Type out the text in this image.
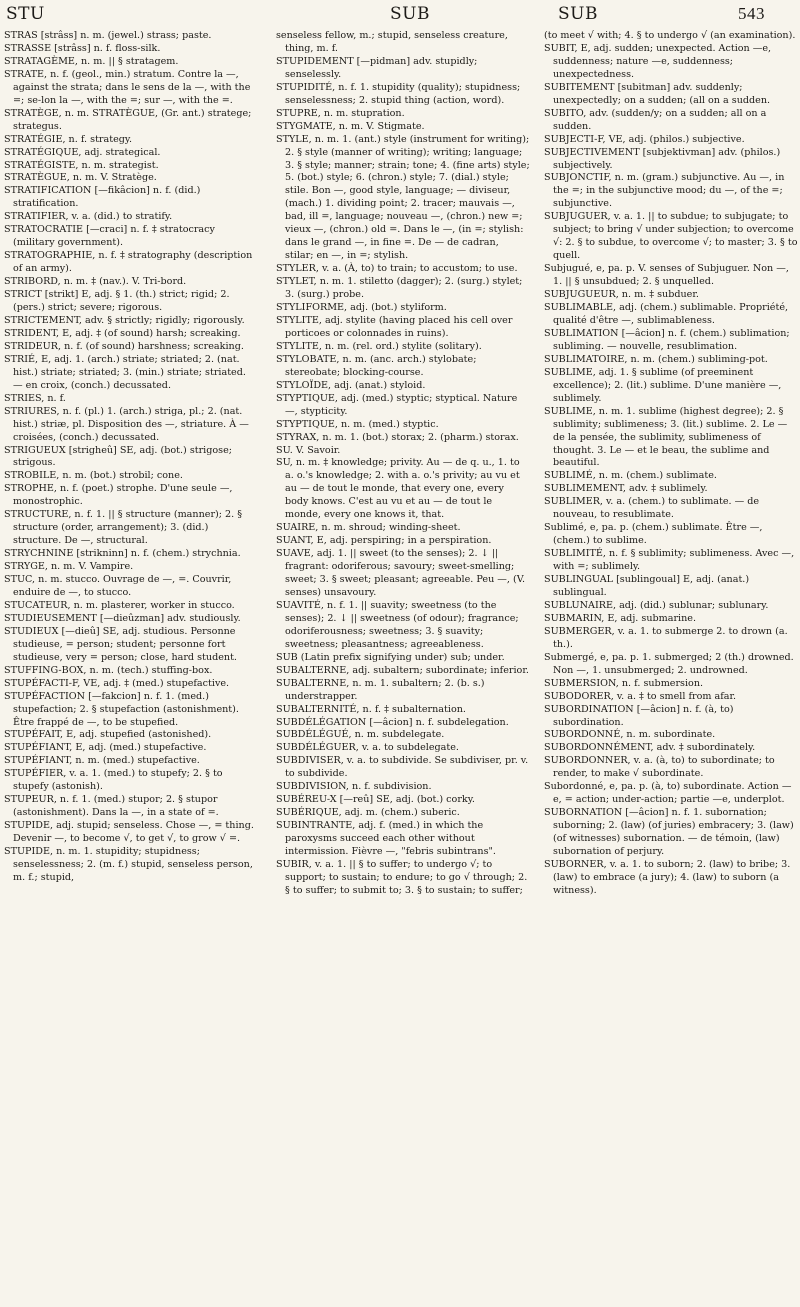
STU	SUB	SUB	543

STRAS [strâss] n. m. (jewel.) strass; paste.

STRASSE [strâss] n. f. floss-silk.

STRATAGÈME, n. m. || § stratagem.

STRATE, n. f. (geol., min.) stratum. Contre la —, against the strata; dans le sens de la —, with the =; se-lon la —, with the =; sur —, with the =.

STRATÈGE, n. m. STRATÈGUE, (Gr. ant.) stratege; strategus.

STRATÉGIE, n. f. strategy.

STRATÉGIQUE, adj. strategical.

STRATÉGISTE, n. m. strategist.

STRATÈGUE, n. m. V. Stratège.

STRATIFICATION [—fikâcion] n. f. (did.) stratification.

STRATIFIER, v. a. (did.) to stratify.

STRATOCRATIE [—craci] n. f. ‡ stratocracy (military government).

STRATOGRAPHIE, n. f. ‡ stratography (description of an army).

STRIBORD, n. m. ‡ (nav.). V. Tri-bord.

STRICT [strikt] E, adj. § 1. (th.) strict; rigid; 2. (pers.) strict; severe; rigorous.

STRICTEMENT, adv. § strictly; rigidly; rigorously.

STRIDENT, E, adj. ‡ (of sound) harsh; screaking.

STRIDEUR, n. f. (of sound) harshness; screaking.

STRIÉ, E, adj. 1. (arch.) striate; striated; 2. (nat. hist.) striate; striated; 3. (min.) striate; striated. — en croix, (conch.) decussated.

STRIES, n. f.

STRIURES, n. f. (pl.) 1. (arch.) striga, pl.; 2. (nat. hist.) striæ, pl. Disposition des —, striature. À — croisées, (conch.) decussated.

STRIGUEUX [strigheû] SE, adj. (bot.) strigose; strigous.

STROBILE, n. m. (bot.) strobil; cone.

STROPHE, n. f. (poet.) strophe. D'une seule —, monostrophic.

STRUCTURE, n. f. 1. || § structure (manner); 2. § structure (order, arrangement); 3. (did.) structure. De —, structural.

STRYCHNINE [strikninn] n. f. (chem.) strychnia.

STRYGE, n. m. V. Vampire.

STUC, n. m. stucco. Ouvrage de —, =. Couvrir, enduire de —, to stucco.

STUCATEUR, n. m. plasterer, worker in stucco.

STUDIEUSEMENT [—dieûzman] adv. studiously.

STUDIEUX [—dieû] SE, adj. studious. Personne studieuse, = person; student; personne fort studieuse, very = person; close, hard student.

STUFFING-BOX, n. m. (tech.) stuffing-box.

STUPÉFACTI-F, VE, adj. ‡ (med.) stupefactive.

STUPÉFACTION [—fakcion] n. f. 1. (med.) stupefaction; 2. § stupefaction (astonishment). Être frappé de —, to be stupefied.

STUPÉFAIT, E, adj. stupefied (astonished).

STUPÉFIANT, E, adj. (med.) stupefactive.

STUPÉFIANT, n. m. (med.) stupefactive.

STUPÉFIER, v. a. 1. (med.) to stupefy; 2. § to stupefy (astonish).

STUPEUR, n. f. 1. (med.) stupor; 2. § stupor (astonishment). Dans la —, in a state of =.

STUPIDE, adj. stupid; senseless. Chose —, = thing. Devenir —, to become √, to get √, to grow √ =.

STUPIDE, n. m. 1. stupidity; stupidness; senselessness; 2. (m. f.) stupid, senseless person, m. f.; stupid,

senseless fellow, m.; stupid, senseless creature, thing, m. f.

STUPIDEMENT [—pidman] adv. stupidly; senselessly.

STUPIDITÉ, n. f. 1. stupidity (quality); stupidness; senselessness; 2. stupid thing (action, word).

STUPRE, n. m. stupration.

STYGMATE, n. m. V. Stigmate.

STYLE, n. m. 1. (ant.) style (instrument for writing); 2. § style (manner of writing); writing; language; 3. § style; manner; strain; tone; 4. (fine arts) style; 5. (bot.) style; 6. (chron.) style; 7. (dial.) style; stile. Bon —, good style, language; — diviseur, (mach.) 1. dividing point; 2. tracer; mauvais —, bad, ill =, language; nouveau —, (chron.) new =; vieux —, (chron.) old =. Dans le —, (in =; stylish: dans le grand —, in fine =. De — de cadran, stilar; en —, in =; stylish.

STYLER, v. a. (À, to) to train; to accustom; to use.

STYLET, n. m. 1. stiletto (dagger); 2. (surg.) stylet; 3. (surg.) probe.

STYLIFORME, adj. (bot.) styliform.

STYLITE, adj. stylite (having placed his cell over porticoes or colonnades in ruins).

STYLITE, n. m. (rel. ord.) stylite (solitary).

STYLOBATE, n. m. (anc. arch.) stylobate; stereobate; blocking-course.

STYLOÏDE, adj. (anat.) styloid.

STYPTIQUE, adj. (med.) styptic; styptical. Nature —, stypticity.

STYPTIQUE, n. m. (med.) styptic.

STYRAX, n. m. 1. (bot.) storax; 2. (pharm.) storax.

SU. V. Savoir.

SU, n. m. ‡ knowledge; privity. Au — de q. u., 1. to a. o.'s knowledge; 2. with a. o.'s privity; au vu et au — de tout le monde, that every one, every body knows. C'est au vu et au — de tout le monde, every one knows it, that.

SUAIRE, n. m. shroud; winding-sheet.

SUANT, E, adj. perspiring; in a perspiration.

SUAVE, adj. 1. || sweet (to the senses); 2. ↓ || fragrant: odoriferous; savoury; sweet-smelling; sweet; 3. § sweet; pleasant; agreeable. Peu —, (V. senses) unsavoury.

SUAVITÉ, n. f. 1. || suavity; sweetness (to the senses); 2. ↓ || sweetness (of odour); fragrance; odoriferousness; sweetness; 3. § suavity; sweetness; pleasantness; agreeableness.

SUB (Latin prefix signifying under) sub; under.

SUBALTERNE, adj. subaltern; subordinate; inferior.

SUBALTERNE, n. m. 1. subaltern; 2. (b. s.) understrapper.

SUBALTERNITÉ, n. f. ‡ subalternation.

SUBDÉLÉGATION [—âcion] n. f. subdelegation.

SUBDÉLÉGUÉ, n. m. subdelegate.

SUBDÉLÉGUER, v. a. to subdelegate.

SUBDIVISER, v. a. to subdivide. Se subdiviser, pr. v. to subdivide.

SUBDIVISION, n. f. subdivision.

SUBÉREU-X [—reû] SE, adj. (bot.) corky.

SUBÉRIQUE, adj. m. (chem.) suberic.

SUBINTRANTE, adj. f. (med.) in which the paroxysms succeed each other without intermission. Fièvre —, "febris subintrans".

SUBIR, v. a. 1. || § to suffer; to undergo √; to support; to sustain; to endure; to go √ through; 2. § to suffer; to submit to; 3. § to sustain; to suffer;

(to meet √ with; 4. § to undergo √ (an examination).

SUBIT, E, adj. sudden; unexpected. Action —e, suddenness; nature —e, suddenness; unexpectedness.

SUBITEMENT [subitman] adv. suddenly; unexpectedly; on a sudden; (all on a sudden.

SUBITO, adv. (sudden/y; on a sudden; all on a sudden.

SUBJECTI-F, VE, adj. (philos.) subjective.

SUBJECTIVEMENT [subjektivman] adv. (philos.) subjectively.

SUBJONCTIF, n. m. (gram.) subjunctive. Au —, in the =; in the subjunctive mood; du —, of the =; subjunctive.

SUBJUGUER, v. a. 1. || to subdue; to subjugate; to subject; to bring √ under subjection; to overcome √: 2. § to subdue, to overcome √; to master; 3. § to quell.

Subjugué, e, pa. p. V. senses of Subjuguer. Non —, 1. || § unsubdued; 2. § unquelled.

SUBJUGUEUR, n. m. ‡ subduer.

SUBLIMABLE, adj. (chem.) sublimable. Propriété, qualité d'être —, sublimableness.

SUBLIMATION [—âcion] n. f. (chem.) sublimation; subliming. — nouvelle, resublimation.

SUBLIMATOIRE, n. m. (chem.) subliming-pot.

SUBLIME, adj. 1. § sublime (of preeminent excellence); 2. (lit.) sublime. D'une manière —, sublimely.

SUBLIME, n. m. 1. sublime (highest degree); 2. § sublimity; sublimeness; 3. (lit.) sublime. 2. Le — de la pensée, the sublimity, sublimeness of thought. 3. Le — et le beau, the sublime and beautiful.

SUBLIMÉ, n. m. (chem.) sublimate.

SUBLIMEMENT, adv. ‡ sublimely.

SUBLIMER, v. a. (chem.) to sublimate. — de nouveau, to resublimate.

Sublimé, e, pa. p. (chem.) sublimate. Être —, (chem.) to sublime.

SUBLIMITÉ, n. f. § sublimity; sublimeness. Avec —, with =; sublimely.

SUBLINGUAL [sublingoual] E, adj. (anat.) sublingual.

SUBLUNAIRE, adj. (did.) sublunar; sublunary.

SUBMARIN, E, adj. submarine.

SUBMERGER, v. a. 1. to submerge 2. to drown (a. th.).

Submergé, e, pa. p. 1. submerged; 2 (th.) drowned. Non —, 1. unsubmerged; 2. undrowned.

SUBMERSION, n. f. submersion.

SUBODORER, v. a. ‡ to smell from afar.

SUBORDINATION [—âcion] n. f. (à, to) subordination.

SUBORDONNÉ, n. m. subordinate.

SUBORDONNÉMENT, adv. ‡ subordinately.

SUBORDONNER, v. a. (à, to) to subordinate; to render, to make √ subordinate.

Subordonné, e, pa. p. (à, to) subordinate. Action —e, = action; under-action; partie —e, underplot.

SUBORNATION [—âcion] n. f. 1. subornation; suborning; 2. (law) (of juries) embracery; 3. (law) (of witnesses) subornation. — de témoin, (law) subornation of perjury.

SUBORNER, v. a. 1. to suborn; 2. (law) to bribe; 3. (law) to embrace (a jury); 4. (law) to suborn (a witness).
